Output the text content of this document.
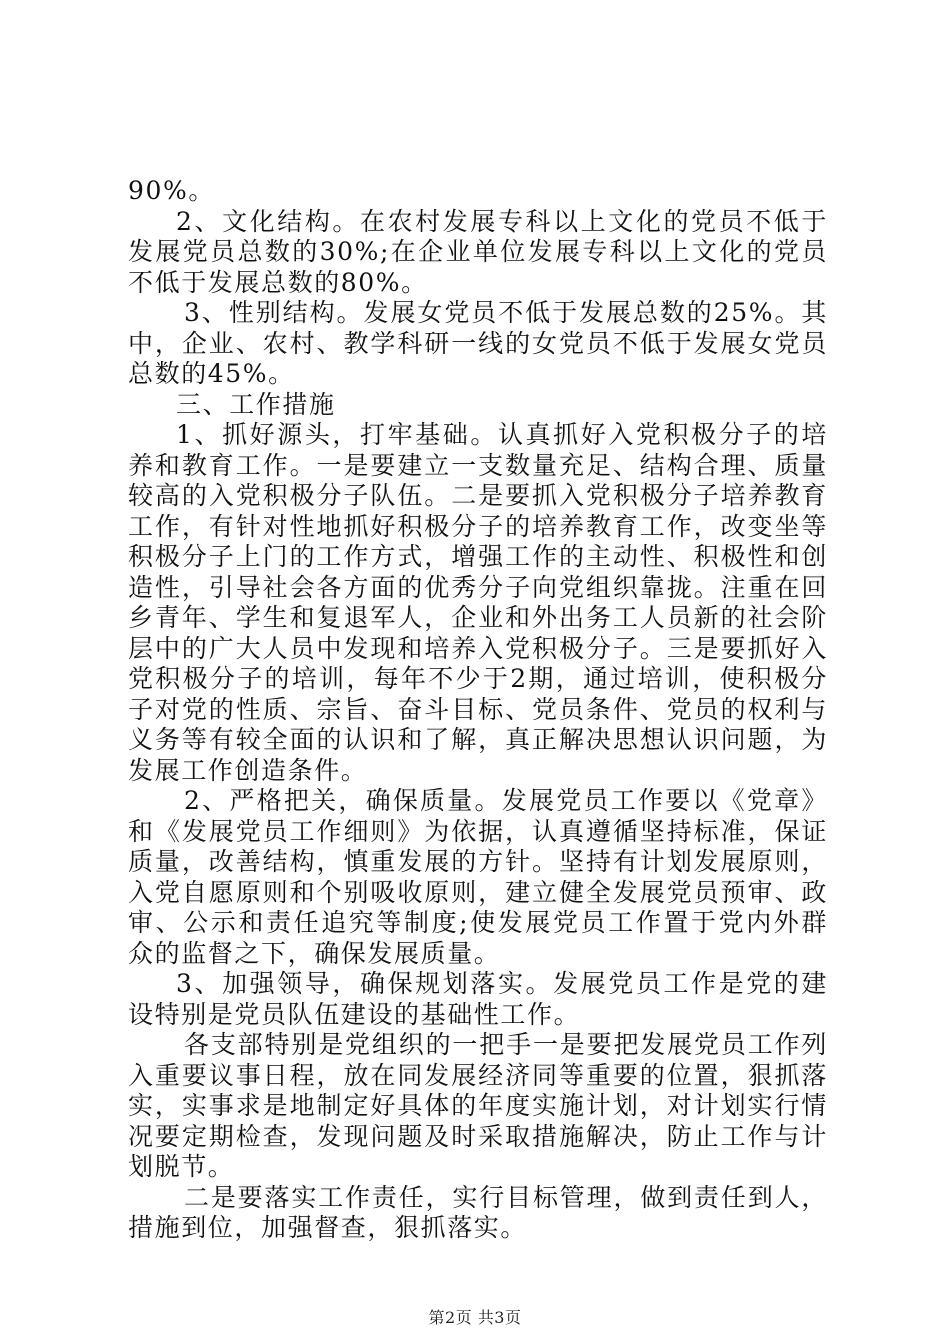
90%。

2、文化结构。在农村发展专科以上文化的党员不低于发展党员总数的30%;在企业单位发展专科以上文化的党员不低于发展总数的80%。

3、性别结构。发展女党员不低于发展总数的25%。其中，企业、农村、教学科研一线的女党员不低于发展女党员总数的45%。

三、工作措施

1、抓好源头，打牢基础。认真抓好入党积极分子的培养和教育工作。一是要建立一支数量充足、结构合理、质量较高的入党积极分子队伍。二是要抓入党积极分子培养教育工作，有针对性地抓好积极分子的培养教育工作，改变坐等积极分子上门的工作方式，增强工作的主动性、积极性和创造性，引导社会各方面的优秀分子向党组织靠拢。注重在回乡青年、学生和复退军人，企业和外出务工人员新的社会阶层中的广大人员中发现和培养入党积极分子。三是要抓好入党积极分子的培训，每年不少于2期，通过培训，使积极分子对党的性质、宗旨、奋斗目标、党员条件、党员的权利与义务等有较全面的认识和了解，真正解决思想认识问题，为发展工作创造条件。

2、严格把关，确保质量。发展党员工作要以《党章》和《发展党员工作细则》为依据，认真遵循坚持标准，保证质量，改善结构，慎重发展的方针。坚持有计划发展原则，入党自愿原则和个别吸收原则，建立健全发展党员预审、政审、公示和责任追究等制度;使发展党员工作置于党内外群众的监督之下，确保发展质量。

3、加强领导，确保规划落实。发展党员工作是党的建设特别是党员队伍建设的基础性工作。

各支部特别是党组织的一把手一是要把发展党员工作列入重要议事日程，放在同发展经济同等重要的位置，狠抓落实，实事求是地制定好具体的年度实施计划，对计划实行情况要定期检查，发现问题及时采取措施解决，防止工作与计划脱节。

二是要落实工作责任，实行目标管理，做到责任到人，措施到位，加强督查，狠抓落实。

第2页 共3页
